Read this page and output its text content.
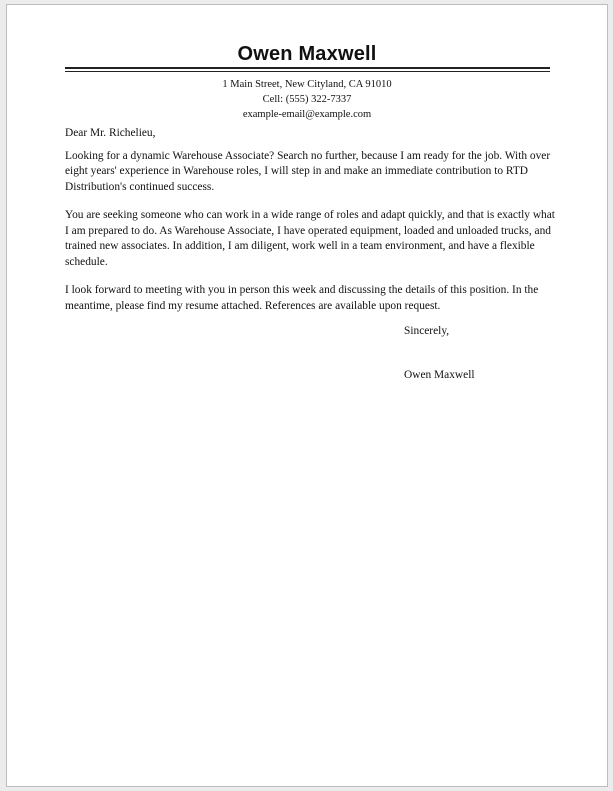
Owen Maxwell
1 Main Street, New Cityland, CA 91010
Cell: (555) 322-7337
example-email@example.com

Dear Mr. Richelieu,

Looking for a dynamic Warehouse Associate? Search no further, because I am ready for the job. With over eight years' experience in Warehouse roles, I will step in and make an immediate contribution to RTD Distribution's continued success.

You are seeking someone who can work in a wide range of roles and adapt quickly, and that is exactly what I am prepared to do. As Warehouse Associate, I have operated equipment, loaded and unloaded trucks, and trained new associates. In addition, I am diligent, work well in a team environment, and have a flexible schedule.

I look forward to meeting with you in person this week and discussing the details of this position. In the meantime, please find my resume attached. References are available upon request.

Sincerely,
Owen Maxwell
